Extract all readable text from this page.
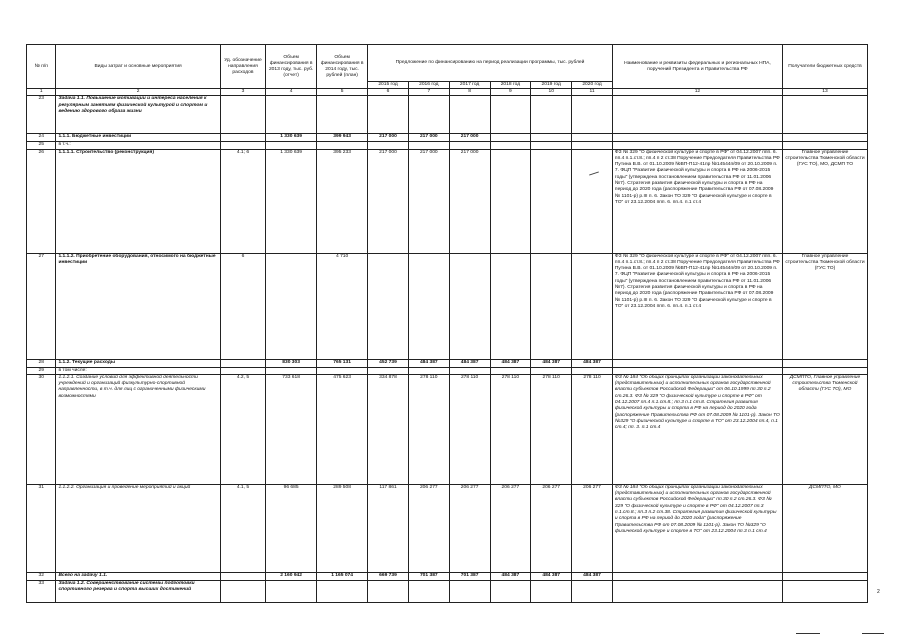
№ п/п	Виды затрат и основные мероприятия	Уд. обозначение направления расходов	Объем финансирования в 2013 году, тыс. руб. (отчет)	Объем финансирования в 2014 году, тыс. рублей (план)	Предложение по финансированию на период реализации программы, тыс. рублей						Наименование и реквизиты федеральных и региональных НПА, поручений Президента и Правительства РФ	Получатели бюджетных средств
					2015 год	2016 год	2017 год	2018 год	2019 год	2020 год		
1	2	3	4	5	6	7	8	9	10	11	12	13
23	Задача 1.1. Повышение мотивации и интереса населения к регулярным занятиям физической культурой и спортом и ведению здорового образа жизни											
24	1.1.1. Бюджетные инвестиции		1 330 639	399 943	217 000	217 000	217 000					
25	в т.ч.:											
26	1.1.1.1. Строительство (реконструкция)	4.1; 6	1 330 639	395 233	217 000	217 000	217 000				ФЗ № 329 "О физической культуре и спорте в РФ" от 04.12.2007 ппп. 6. пп.4 п.1.ст.8.; пп.4 п 2 ст.38 Поручение Председателя Правительства РФ Путина В.В. от 01.10.2009 №ВП-П12-41пр №14544п/09 от 20.10.2009 п. 7. ФЦП "Развитие физической культуры и спорта в РФ на 2006-2015 годы" (утверждена постановлением правительства РФ от 11.01.2006 №7). Стратегия развития физической культуры и спорта в РФ на период до 2020 года (распоряжение Правительства РФ от 07.08.2009 № 1101-р) р.III п. 6. Закон ТО 329 "О физической культуре и спорте в ТО" от 23.12.2004 ппп. 6. пп.4. п.1 ст.4	Главное управление строительства Тюменской области (ГУС ТО), МО, ДСМП ТО
27	1.1.1.2. Приобретение оборудования, относимого на бюджетные инвестиции	6		4 710							ФЗ № 329 "О физической культуре и спорте в РФ" от 04.12.2007 ппп. 6. пп.4 п.1.ст.8.; пп.4 п 2 ст.38 Поручение Председателя Правительства РФ Путина В.В. от 01.10.2009 №ВП-П12-41пр №14544п/09 от 20.10.2009 п. 7. ФЦП "Развитие физической культуры и спорта в РФ на 2006-2015 годы" (утверждена постановлением правительства РФ от 11.01.2006 №7). Стратегия развития физической культуры и спорта в РФ на период до 2020 года (распоряжение Правительства РФ от 07.08.2009 № 1101-р) р.III п. 6. Закон ТО 329 "О физической культуре и спорте в ТО" от 23.12.2004 ппп. 6. пп.4. п.1 ст.4	Главное управление строительства Тюменской области (ГУС ТО)
28	1.1.2. Текущие расходы		830 303	765 131	452 739	484 387	484 387	484 387	484 387	484 387		
29	в том числе:											
30	1.1.2.1. Создание условий для эффективной деятельности учреждений и организаций физкультурно-спортивной направленности, в т.ч. для лиц с ограниченными физическими возможностями	4.2, 5	733 618	475 623	334 878	278 110	278 110	278 110	278 110	278 110	ФЗ № 184 "Об общих принципах организации законодательных (представительных) и исполнительных органов государственной власти субъектов Российской Федерации" от 06.10.1999 пп.30 п.2 ст.26.3. ФЗ № 329 "О физической культуре и спорте в РФ" от 04.12.2007 пп.4 п.1.ст.8.; пп.3 п.1 ст.8. Стратегия развития физической культуры и спорта в РФ на период до 2020 года (распоряжение Правительства РФ от 07.08.2009 № 1101-р). Закон ТО №329 "О физической культуре и спорте в ТО" от 23.12.2004 пп.4, п.1 ст.4; пп. 3. п.1 ст.4	ДСМПТО, Главное управление строительства Тюменской области (ГУС ТО), МО
31	1.1.2.2. Организация и проведение мероприятий и акций	4.1, 5	96 685	289 508	117 861	206 277	206 277	206 277	206 277	206 277	ФЗ № 184 "Об общих принципах организации законодательных (представительных) и исполнительных органов государственной власти субъектов Российской Федерации" пп.30 п.2 ст.26.3. ФЗ № 329 "О физической культуре и спорте в РФ" от 04.12.2007 пп.3 п.1.ст.8.; пп.3 п.2 ст.38. Стратегия развития физической культуры и спорта в РФ на период до 2020 года" (распоряжение Правительства РФ от 07.08.2009 № 1101-р). Закон ТО №329 "О физической культуре и спорте в ТО" от 23.12.2004 пп.3 п.1 ст.4	ДСМПТО, МО
32	Всего на задачу 1.1.		2 160 942	1 165 074	669 739	701 387	701 387	484 387	484 387	484 387		
33	Задача 1.2. Совершенствование системы подготовки спортивного резерва и спорта высших достижений												2
